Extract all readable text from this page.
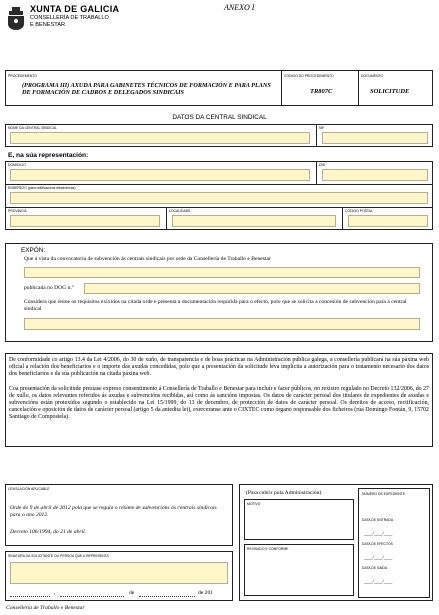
XUNTA DE GALICIA
CONSELLERÍA DE TRABALLO
E BENESTAR
ANEXO I
PROCEDEMENTO
(PROGRAMA III) AXUDA PARA GABINETES TÉCNICOS DE FORMACIÓN E PARA PLANS DE FORMACIÓN DE CADROS E DELEGADOS SINDICAIS
CÓDIGO DO PROCEDEMENTO
TR807C
DOCUMENTO
SOLICITUDE
DATOS DA CENTRAL SINDICAL
NOME DA CENTRAL SINDICAL	NIF
E, na súa representación:
DOMICILIO	DNI
ENDEREZO (para notificacións electrónicas)
PROVINCIA	LOCALIDADE	CÓDIGO POSTAL
EXPÓN:
Que á vista da convocatoria de subvención ás centrais sindicais por orde da Consellería de Traballo e Benestar
publicada no DOG n.º
Considera que reúne os requisitos exixidos na citada orde e presenta a documentación requirida para o efecto, polo que se solicita a concesión de subvención para a central sindical
De conformidade co artigo 13.4 da Lei 4/2006, do 30 de xuño, de transparencia e de boas prácticas na Administración pública galega, a consellería publicará na súa páxina web oficial a relación dos beneficiarios e o importe das axudas concedidas, polo que a presentación da solicitude leva implícita a autorización para o tratamento necesario dos datos dos beneficiarios e da súa publicación na citada páxina web.
Coa presentación da solicitude prestase expreso consentimento á Consellería de Traballo e Benestar para incluír e facer públicos, no rexistro regulado no Decreto 132/2006, do 27 de xullo, os datos relevantes referidos ás axudas e subvencións recibidas, así como ás sancións impostas. Os datos de carácter persoal dos titulares de expedientes de axudas e subvencións están protexidos segundo o establecido na Lei 15/1999, do 13 de decembro, de protección de datos de carácter persoal. Os dereitos de acceso, rectificación, cancelación e oposición de datos de carácter persoal (artigo 5 da antedita lei), exerceranse ante o CIXTEC como órgano responsable dos ficheiros (rúa Domingo Fontán, 9, 15702 Santiago de Compostela).
LEXISLACIÓN APLICABLE
Orde do 9 de abril de 2012 pola que se regula o réxime de subvencións ás centrais sindicais para o ano 2012.
Decreto 106/1994, do 21 de abril.
SINATURA DA SOLICITANTE OU PERSOA QUE A REPRESENTA
,	de	de 201
Consellería de Traballo e Benestar
(Para cubrir pola Administración)
MOTIVO
REVISADO E CONFORME
NÚMERO DE EXPEDIENTE
DATA DE ENTRADA
___/___/___
DATA DE EFECTOS
___/___/___
DATA DE SAÍDA
___/___/___
